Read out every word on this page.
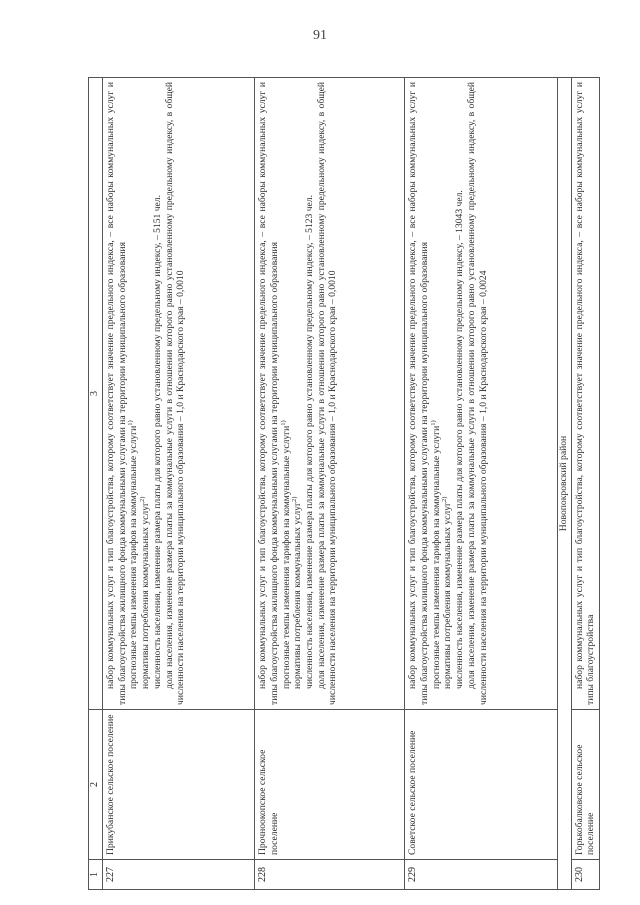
91
1	2	3
227	Прикубанское сельское поселение	набор коммунальных услуг и тип благоустройства, которому соответствует значение предельного индекса, – все наборы коммунальных услуг и типы благоустройства жилищного фонда коммунальными услугами на территории муниципального образования прогнозные темпы изменения тарифов на коммунальные услуги$^{1)}$

нормативы потребления коммунальных услуг$^{2)}$ численность населения, изменение размера платы для которого равно установленному предельному индексу, – 5151 чел. доля населения, изменение размера платы за коммунальные услуги в отношении которого равно установленному предельному индексу, в общей численности населения на территории муниципального образования – 1,0 и Краснодарского края – 0,0010

228	Прочноокопское сельское поселение	набор коммунальных услуг и тип благоустройства, которому соответствует значение предельного индекса, – все наборы коммунальных услуг и типы благоустройства жилищного фонда коммунальными услугами на территории муниципального образования прогнозные темпы изменения тарифов на коммунальные услуги$^{1)}$

нормативы потребления коммунальных услуг$^{2)}$ численность населения, изменение размера платы для которого равно установленному предельному индексу, – 5123 чел. доля населения, изменение размера платы за коммунальные услуги в отношении которого равно установленному предельному индексу, в общей численности населения на территории муниципального образования – 1,0 и Краснодарского края – 0,0010

229	Советское сельское поселение	набор коммунальных услуг и тип благоустройства, которому соответствует значение предельного индекса, – все наборы коммунальных услуг и типы благоустройства жилищного фонда коммунальными услугами на территории муниципального образования прогнозные темпы изменения тарифов на коммунальные услуги$^{1)}$

нормативы потребления коммунальных услуг$^{2)}$ численность населения, изменение размера платы для которого равно установленному предельному индексу, – 13043 чел. доля населения, изменение размера платы за коммунальные услуги в отношении которого равно установленному предельному индексу, в общей численности населения на территории муниципального образования – 1,0 и Краснодарского края – 0,0024

Новопокровский район		
230	Горькобалковское сельское поселение	набор коммунальных услуг и тип благоустройства, которому соответствует значение предельного индекса, – все наборы коммунальных услуг и типы благоустройства
